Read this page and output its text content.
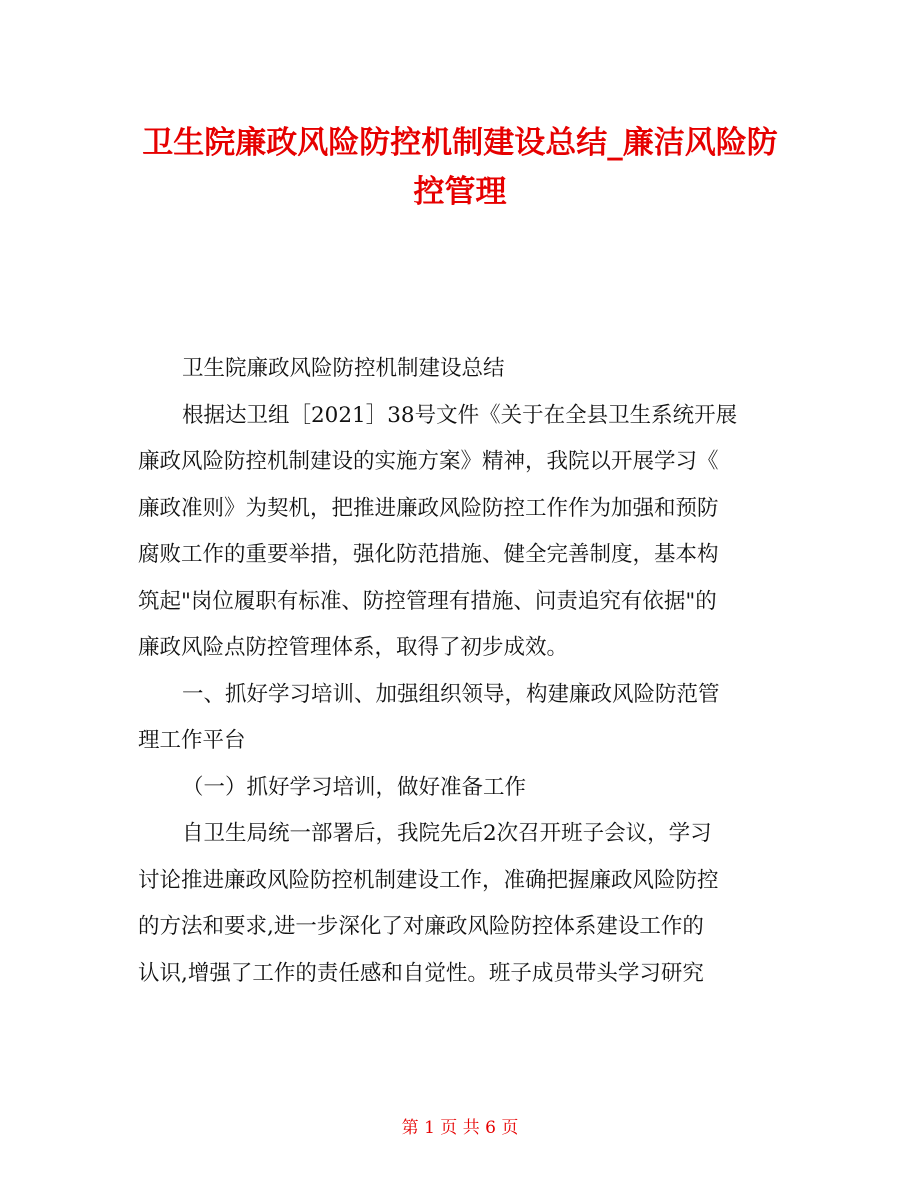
卫生院廉政风险防控机制建设总结_廉洁风险防
控管理
卫生院廉政风险防控机制建设总结
根据达卫组［2021］38号文件《关于在全县卫生系统开展
廉政风险防控机制建设的实施方案》精神，我院以开展学习《
廉政准则》为契机，把推进廉政风险防控工作作为加强和预防
腐败工作的重要举措，强化防范措施、健全完善制度，基本构
筑起"岗位履职有标准、防控管理有措施、问责追究有依据"的
廉政风险点防控管理体系，取得了初步成效。
一、抓好学习培训、加强组织领导，构建廉政风险防范管
理工作平台
（一）抓好学习培训，做好准备工作
自卫生局统一部署后，我院先后2次召开班子会议，学习
讨论推进廉政风险防控机制建设工作，准确把握廉政风险防控
的方法和要求,进一步深化了对廉政风险防控体系建设工作的
认识,增强了工作的责任感和自觉性。班子成员带头学习研究
第 1 页 共 6 页
